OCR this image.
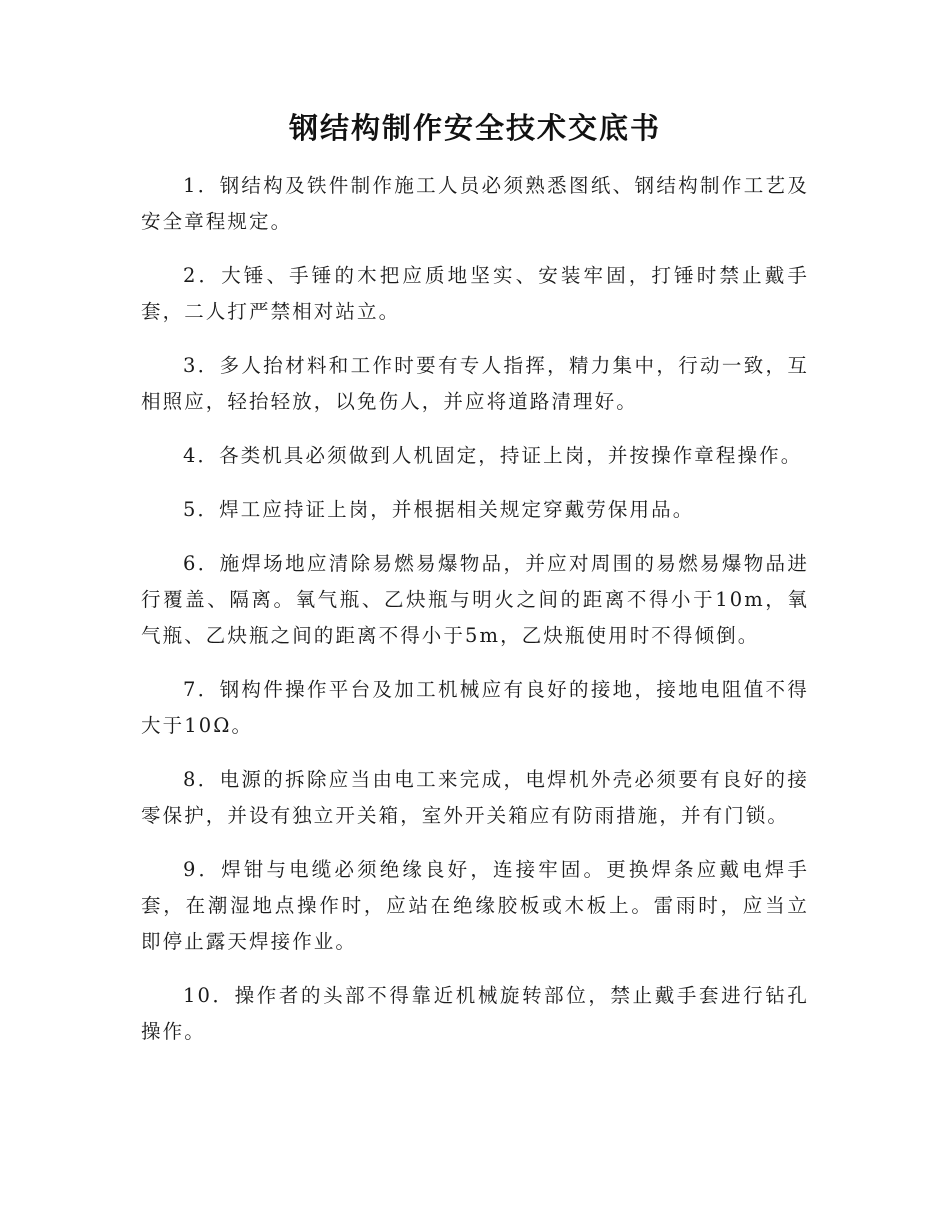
钢结构制作安全技术交底书

1．钢结构及铁件制作施工人员必须熟悉图纸、钢结构制作工艺及安全章程规定。

2．大锤、手锤的木把应质地坚实、安装牢固，打锤时禁止戴手套，二人打严禁相对站立。

3．多人抬材料和工作时要有专人指挥，精力集中，行动一致，互相照应，轻抬轻放，以免伤人，并应将道路清理好。

4．各类机具必须做到人机固定，持证上岗，并按操作章程操作。

5．焊工应持证上岗，并根据相关规定穿戴劳保用品。

6．施焊场地应清除易燃易爆物品，并应对周围的易燃易爆物品进行覆盖、隔离。氧气瓶、乙炔瓶与明火之间的距离不得小于10m，氧气瓶、乙炔瓶之间的距离不得小于5m，乙炔瓶使用时不得倾倒。

7．钢构件操作平台及加工机械应有良好的接地，接地电阻值不得大于10Ω。

8．电源的拆除应当由电工来完成，电焊机外壳必须要有良好的接零保护，并设有独立开关箱，室外开关箱应有防雨措施，并有门锁。

9．焊钳与电缆必须绝缘良好，连接牢固。更换焊条应戴电焊手套，在潮湿地点操作时，应站在绝缘胶板或木板上。雷雨时，应当立即停止露天焊接作业。

10．操作者的头部不得靠近机械旋转部位，禁止戴手套进行钻孔操作。
